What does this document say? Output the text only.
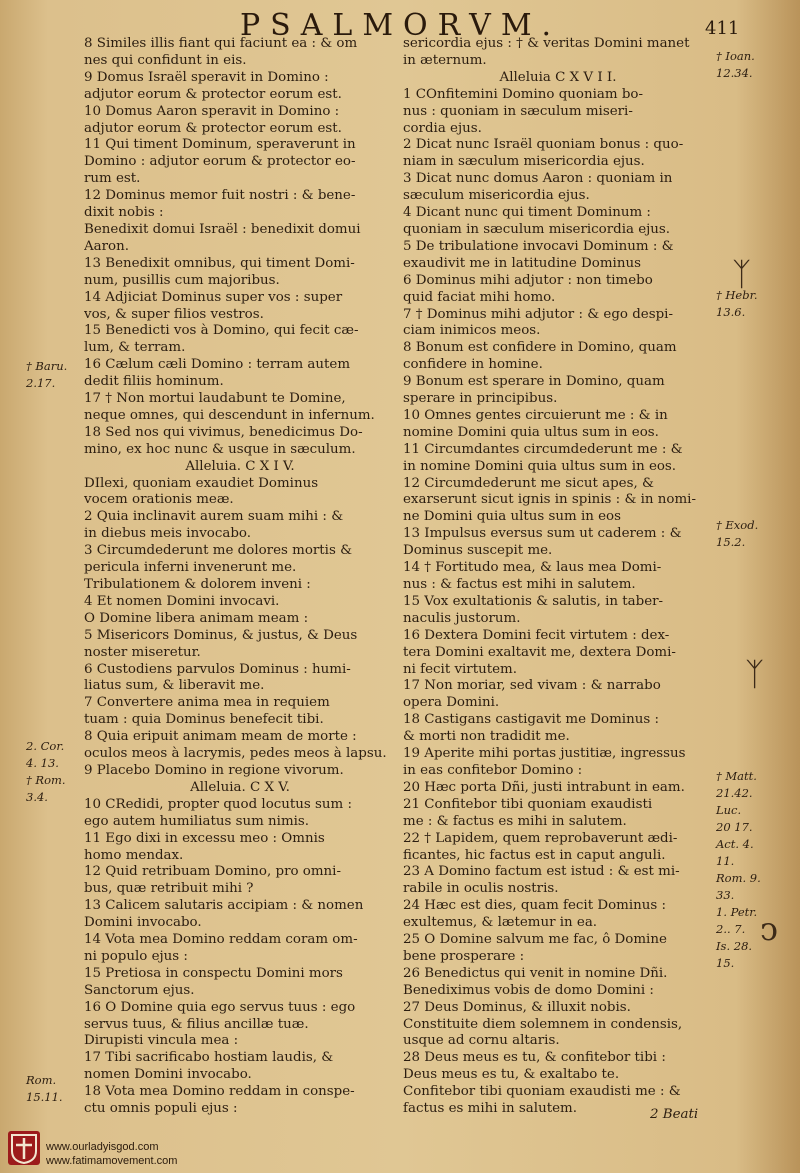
PSALMORVM.	411
8 Similes illis fiant qui faciunt ea : & om
nes qui confidunt in eis.
9 Domus Israël speravit in Domino :
adjutor eorum & protector eorum est.
10 Domus Aaron speravit in Domino :
adjutor eorum & protector eorum est.
11 Qui timent Dominum, speraverunt in
Domino : adjutor eorum & protector eo-
rum est.
12 Dominus memor fuit nostri : & bene-
dixit nobis :
Benedixit domui Israël : benedixit domui
Aaron.
13 Benedixit omnibus, qui timent Domi-
num, pusillis cum majoribus.
14 Adjiciat Dominus super vos : super
vos, & super filios vestros.
15 Benedicti vos à Domino, qui fecit cæ-
lum, & terram.
16 Cælum cæli Domino : terram autem
dedit filiis hominum.
17 † Non mortui laudabunt te Domine,
neque omnes, qui descendunt in infernum.
18 Sed nos qui vivimus, benedicimus Do-
mino, ex hoc nunc & usque in sæculum.
Alleluia. C X I V.
DIlexi, quoniam exaudiet Dominus
vocem orationis meæ.
2 Quia inclinavit aurem suam mihi : &
in diebus meis invocabo.
3 Circumdederunt me dolores mortis &
pericula inferni invenerunt me.
Tribulationem & dolorem inveni :
4 Et nomen Domini invocavi.
O Domine libera animam meam :
5 Misericors Dominus, & justus, & Deus
noster miseretur.
6 Custodiens parvulos Dominus : humi-
liatus sum, & liberavit me.
7 Convertere anima mea in requiem
tuam : quia Dominus benefecit tibi.
8 Quia eripuit animam meam de morte :
oculos meos à lacrymis, pedes meos à lapsu.
9 Placebo Domino in regione vivorum.
Alleluia. C X V.
10 CRedidi, propter quod locutus sum :
ego autem humiliatus sum nimis.
11 Ego dixi in excessu meo : Omnis
homo mendax.
12 Quid retribuam Domino, pro omni-
bus, quæ retribuit mihi ?
13 Calicem salutaris accipiam : & nomen
Domini invocabo.
14 Vota mea Domino reddam coram om-
ni populo ejus :
15 Pretiosa in conspectu Domini mors
Sanctorum ejus.
16 O Domine quia ego servus tuus : ego
servus tuus, & filius ancillæ tuæ.
Dirupisti vincula mea :
17 Tibi sacrificabo hostiam laudis, &
nomen Domini invocabo.
18 Vota mea Domino reddam in conspe-
ctu omnis populi ejus :
sericordia ejus : † & veritas Domini manet
in æternum.
Alleluia C X V I I.
1 COnfitemini Domino quoniam bo-
nus : quoniam in sæculum miseri-
cordia ejus.
2 Dicat nunc Israël quoniam bonus : quo-
niam in sæculum misericordia ejus.
3 Dicat nunc domus Aaron : quoniam in
sæculum misericordia ejus.
4 Dicant nunc qui timent Dominum :
quoniam in sæculum misericordia ejus.
5 De tribulatione invocavi Dominum : &
exaudivit me in latitudine Dominus
6 Dominus mihi adjutor : non timebo
quid faciat mihi homo.
7 † Dominus mihi adjutor : & ego despi-
ciam inimicos meos.
8 Bonum est confidere in Domino, quam
confidere in homine.
9 Bonum est sperare in Domino, quam
sperare in principibus.
10 Omnes gentes circuierunt me : & in
nomine Domini quia ultus sum in eos.
11 Circumdantes circumdederunt me : &
in nomine Domini quia ultus sum in eos.
12 Circumdederunt me sicut apes, &
exarserunt sicut ignis in spinis : & in nomi-
ne Domini quia ultus sum in eos
13 Impulsus eversus sum ut caderem : &
Dominus suscepit me.
14 † Fortitudo mea, & laus mea Domi-
nus : & factus est mihi in salutem.
15 Vox exultationis & salutis, in taber-
naculis justorum.
16 Dextera Domini fecit virtutem : dex-
tera Domini exaltavit me, dextera Domi-
ni fecit virtutem.
17 Non moriar, sed vivam : & narrabo
opera Domini.
18 Castigans castigavit me Dominus :
& morti non tradidit me.
19 Aperite mihi portas justitiæ, ingressus
in eas confitebor Domino :
20 Hæc porta Dñi, justi intrabunt in eam.
21 Confitebor tibi quoniam exaudisti
me : & factus es mihi in salutem.
22 † Lapidem, quem reprobaverunt ædi-
ficantes, hic factus est in caput anguli.
23 A Domino factum est istud : & est mi-
rabile in oculis nostris.
24 Hæc est dies, quam fecit Dominus :
exultemus, & lætemur in ea.
25 O Domine salvum me fac, ô Domine
bene prosperare :
26 Benedictus qui venit in nomine Dñi.
Benediximus vobis de domo Domini :
27 Deus Dominus, & illuxit nobis.
Constituite diem solemnem in condensis,
usque ad cornu altaris.
28 Deus meus es tu, & confitebor tibi :
Deus meus es tu, & exaltabo te.
Confitebor tibi quoniam exaudisti me : &
factus es mihi in salutem.
† Baru.
2.17.
2. Cor.
4. 13.
† Rom.
3.4.
Rom.
15.11.
† Ioan.
12.34.
† Hebr.
13.6.
† Exod.
15.2.
† Matt.
21.42.
Luc.
20 17.
Act. 4.
11.
Rom. 9.
33.
1. Petr.
2.. 7.
Is. 28.
15.
ᛉ
ᛉ
ↄ
2 Beati
www.ourladyisgod.com
www.fatimamovement.com
